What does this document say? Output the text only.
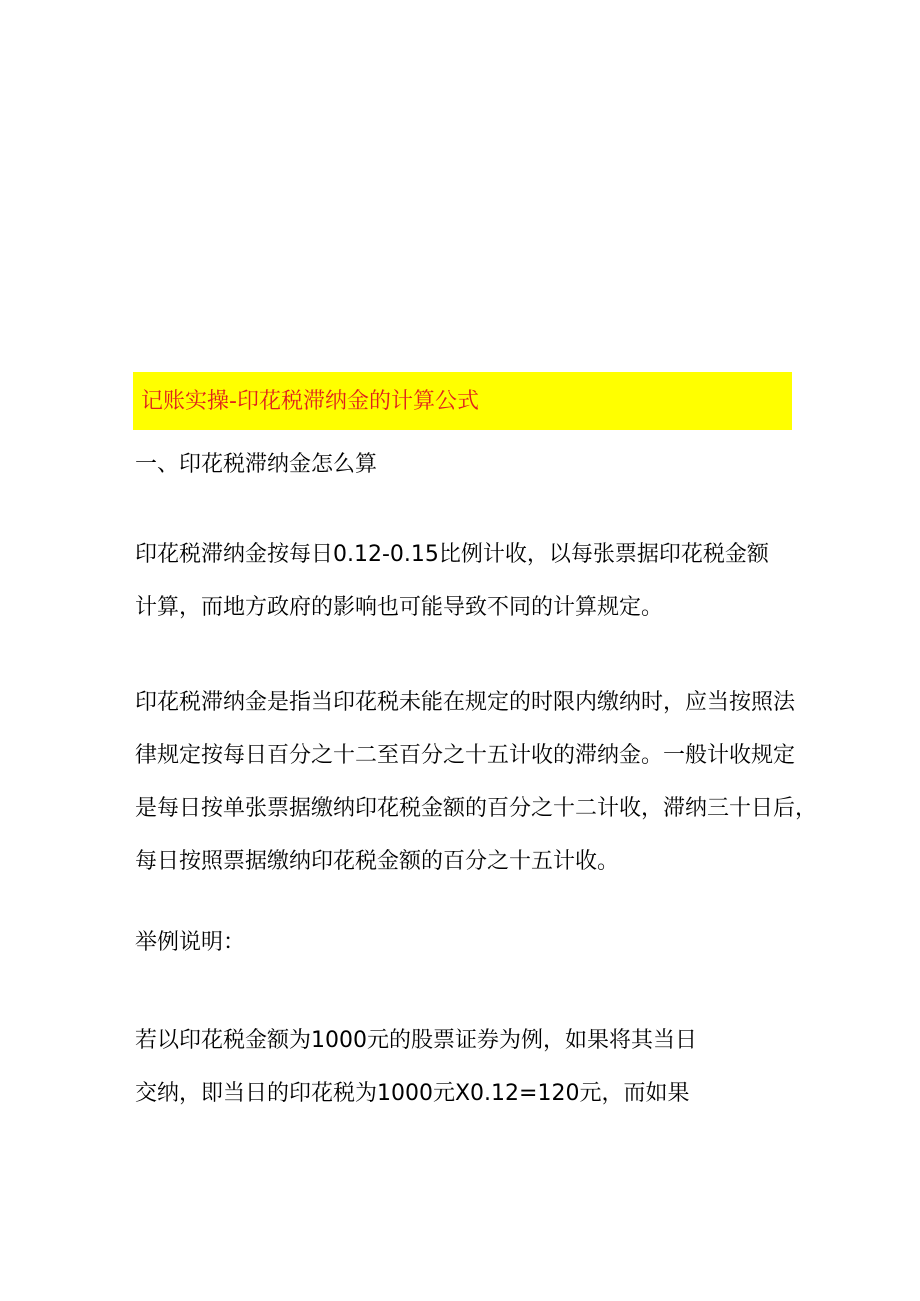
记账实操-印花税滞纳金的计算公式
一、印花税滞纳金怎么算
印花税滞纳金按每日0.12-0.15比例计收，以每张票据印花税金额
计算，而地方政府的影响也可能导致不同的计算规定。
印花税滞纳金是指当印花税未能在规定的时限内缴纳时，应当按照法
律规定按每日百分之十二至百分之十五计收的滞纳金。一般计收规定
是每日按单张票据缴纳印花税金额的百分之十二计收，滞纳三十日后，
每日按照票据缴纳印花税金额的百分之十五计收。
举例说明：
若以印花税金额为1000元的股票证券为例，如果将其当日
交纳，即当日的印花税为1000元X0.12=120元，而如果
